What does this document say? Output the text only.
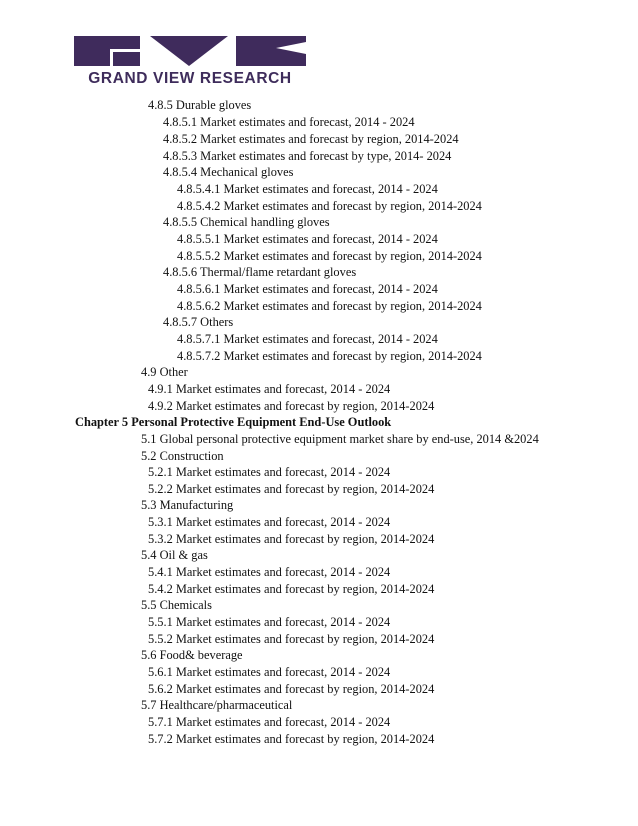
GRAND VIEW RESEARCH
4.8.5 Durable gloves
4.8.5.1 Market estimates and forecast, 2014 - 2024
4.8.5.2 Market estimates and forecast by region, 2014-2024
4.8.5.3 Market estimates and forecast by type, 2014- 2024
4.8.5.4 Mechanical gloves
4.8.5.4.1 Market estimates and forecast, 2014 - 2024
4.8.5.4.2 Market estimates and forecast by region, 2014-2024
4.8.5.5 Chemical handling gloves
4.8.5.5.1 Market estimates and forecast, 2014 - 2024
4.8.5.5.2 Market estimates and forecast by region, 2014-2024
4.8.5.6 Thermal/flame retardant gloves
4.8.5.6.1 Market estimates and forecast, 2014 - 2024
4.8.5.6.2 Market estimates and forecast by region, 2014-2024
4.8.5.7 Others
4.8.5.7.1 Market estimates and forecast, 2014 - 2024
4.8.5.7.2 Market estimates and forecast by region, 2014-2024
4.9 Other
4.9.1 Market estimates and forecast, 2014 - 2024
4.9.2 Market estimates and forecast by region, 2014-2024
Chapter 5 Personal Protective Equipment End-Use Outlook
5.1 Global personal protective equipment market share by end-use, 2014 &2024
5.2 Construction
5.2.1 Market estimates and forecast, 2014 - 2024
5.2.2 Market estimates and forecast by region, 2014-2024
5.3 Manufacturing
5.3.1 Market estimates and forecast, 2014 - 2024
5.3.2 Market estimates and forecast by region, 2014-2024
5.4 Oil & gas
5.4.1 Market estimates and forecast, 2014 - 2024
5.4.2 Market estimates and forecast by region, 2014-2024
5.5 Chemicals
5.5.1 Market estimates and forecast, 2014 - 2024
5.5.2 Market estimates and forecast by region, 2014-2024
5.6 Food& beverage
5.6.1 Market estimates and forecast, 2014 - 2024
5.6.2 Market estimates and forecast by region, 2014-2024
5.7 Healthcare/pharmaceutical
5.7.1 Market estimates and forecast, 2014 - 2024
5.7.2 Market estimates and forecast by region, 2014-2024
